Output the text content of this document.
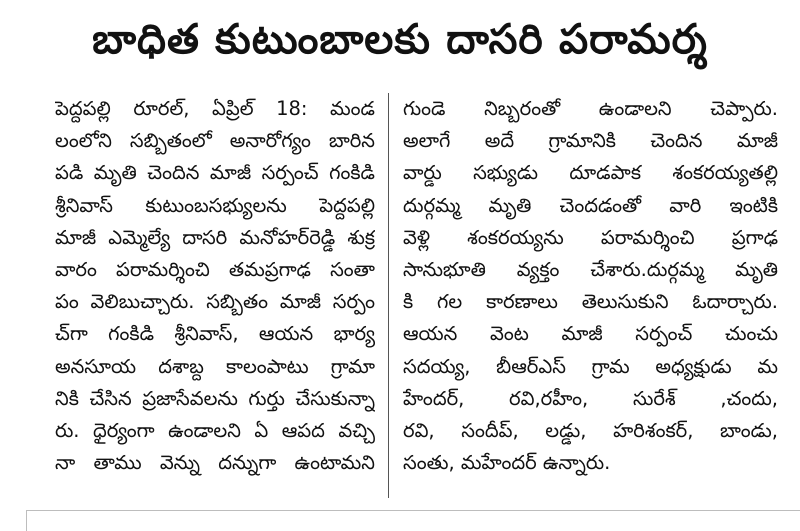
బాధిత కుటుంబాలకు దాసరి పరామర్శ
పెద్దపల్లి రూరల్, ఏప్రిల్ 18: మండ
లంలోని సబ్బితంలో అనారోగ్యం బారిన
పడి మృతి చెందిన మాజీ సర్పంచ్ గంకిడి
శ్రీనివాస్ కుటుంబసభ్యులను పెద్దపల్లి
మాజీ ఎమ్మెల్యే దాసరి మనోహర్‌రెడ్డి శుక్ర
వారం పరామర్శించి తమప్రగాఢ సంతా
పం వెలిబుచ్చారు. సబ్బితం మాజీ సర్పం
చ్‌గా గంకిడి శ్రీనివాస్, ఆయన భార్య
అనసూయ దశాబ్ద కాలంపాటు గ్రామా
నికి చేసిన ప్రజాసేవలను గుర్తు చేసుకున్నా
రు. ధైర్యంగా ఉండాలని ఏ ఆపద వచ్చి
నా తాము వెన్ను దన్నుగా ఉంటామని
గుండె నిబ్బరంతో ఉండాలని చెప్పారు.
అలాగే అదే గ్రామానికి చెందిన మాజీ
వార్డు సభ్యుడు దూడపాక శంకరయ్యతల్లి
దుర్గమ్మ మృతి చెందడంతో వారి ఇంటికి
వెళ్లి శంకరయ్యను పరామర్శించి ప్రగాఢ
సానుభూతి వ్యక్తం చేశారు.దుర్గమ్మ మృతి
కి గల కారణాలు తెలుసుకుని ఓదార్చారు.
ఆయన వెంట మాజీ సర్పంచ్ చుంచు
సదయ్య, బీఆర్ఎస్ గ్రామ అధ్యక్షుడు మ
హేందర్, రవి,రహీం, సురేశ్ ,చందు,
రవి, సందీప్, లడ్డు, హరిశంకర్, బాండు,
సంతు, మహేందర్ ఉన్నారు.
